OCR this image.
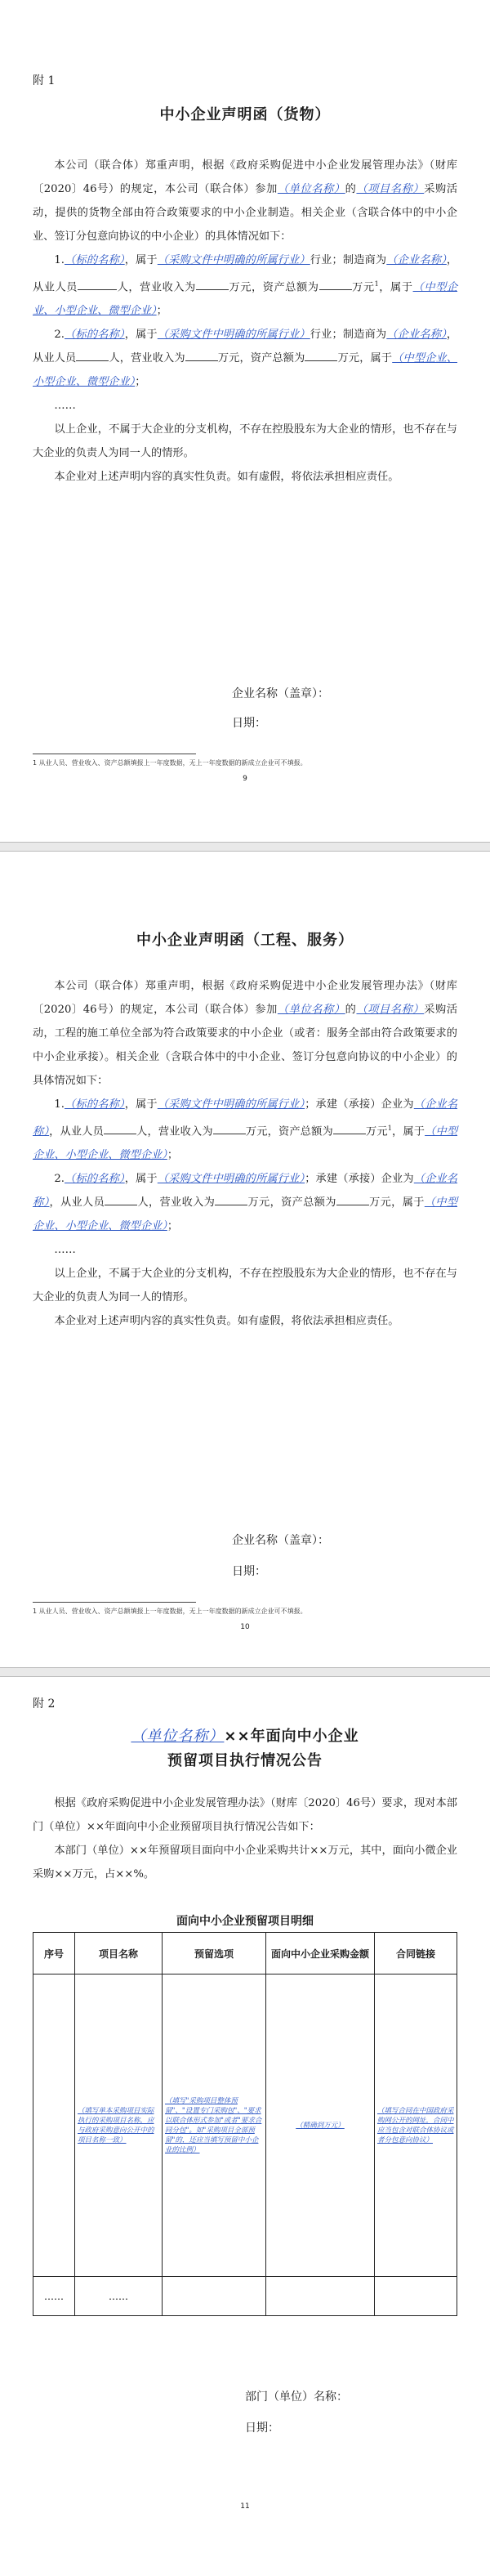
附 1
中小企业声明函（货物）

本公司（联合体）郑重声明，根据《政府采购促进中小企业发展管理办法》（财库〔2020〕46号）的规定，本公司（联合体）参加（单位名称）的（项目名称）采购活动，提供的货物全部由符合政策要求的中小企业制造。相关企业（含联合体中的中小企业、签订分包意向协议的中小企业）的具体情况如下：

1.（标的名称），属于（采购文件中明确的所属行业）行业；制造商为（企业名称），从业人员	人，营业收入为	万元，资产总额为	万元$^1$，属于（中型企业、小型企业、微型企业）；

2.（标的名称），属于（采购文件中明确的所属行业）行业；制造商为（企业名称），从业人员	人，营业收入为	万元，资产总额为	万元，属于（中型企业、小型企业、微型企业）；

……

以上企业，不属于大企业的分支机构，不存在控股股东为大企业的情形，也不存在与大企业的负责人为同一人的情形。

本企业对上述声明内容的真实性负责。如有虚假，将依法承担相应责任。

企业名称（盖章）：
日期：
1 从业人员、营业收入、资产总额填报上一年度数据，无上一年度数据的新成立企业可不填报。
9
中小企业声明函（工程、服务）

本公司（联合体）郑重声明，根据《政府采购促进中小企业发展管理办法》（财库〔2020〕46号）的规定，本公司（联合体）参加（单位名称）的（项目名称）采购活动，工程的施工单位全部为符合政策要求的中小企业（或者：服务全部由符合政策要求的中小企业承接）。相关企业（含联合体中的中小企业、签订分包意向协议的中小企业）的具体情况如下：

1.（标的名称），属于（采购文件中明确的所属行业）；承建（承接）企业为（企业名称），从业人员	人，营业收入为	万元，资产总额为	万元$^1$，属于（中型企业、小型企业、微型企业）；

2.（标的名称），属于（采购文件中明确的所属行业）；承建（承接）企业为（企业名称），从业人员	人，营业收入为	万元，资产总额为	万元，属于（中型企业、小型企业、微型企业）；

……

以上企业，不属于大企业的分支机构，不存在控股股东为大企业的情形，也不存在与大企业的负责人为同一人的情形。

本企业对上述声明内容的真实性负责。如有虚假，将依法承担相应责任。

企业名称（盖章）：
日期：
1 从业人员、营业收入、资产总额填报上一年度数据，无上一年度数据的新成立企业可不填报。
10
附 2
（单位名称）××年面向中小企业
预留项目执行情况公告

根据《政府采购促进中小企业发展管理办法》（财库〔2020〕46号）要求，现对本部门（单位）××年面向中小企业预留项目执行情况公告如下：

本部门（单位）××年预留项目面向中小企业采购共计××万元，其中，面向小微企业采购××万元，占××%。

面向中小企业预留项目明细
序号	项目名称	预留选项	面向中小企业采购金额	合同链接
	（填写单本采购项目实际执行的采购项目名称，应与政府采购意向公开中的项目名称一致）	（填写"采购项目整体预留"、"设置专门采购包"、"要求以联合体形式参加"或者"要求合同分包"。如"采购项目全部预留"的，还应当填写预留中小企业的比例）	（精确到万元）	（填写合同在中国政府采购网公开的网址，合同中应当包含对联合体协议或者分包意向协议）
……	……			
部门（单位）名称：
日期：
11
